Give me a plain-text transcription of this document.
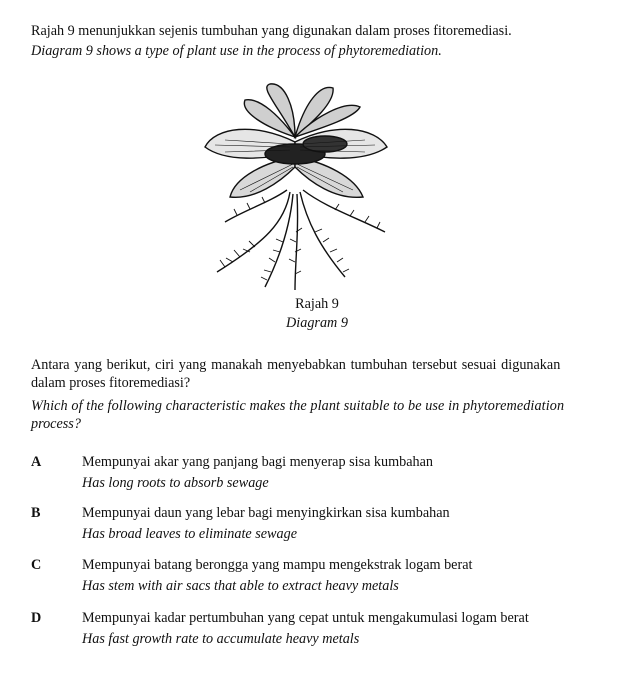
Rajah 9 menunjukkan sejenis tumbuhan yang digunakan dalam proses fitoremediasi.
Diagram 9 shows a type of plant use in the process of phytoremediation.
Rajah 9
Diagram 9
Antara yang berikut, ciri yang manakah menyebabkan tumbuhan tersebut sesuai digunakan
dalam proses fitoremediasi?
Which of the following characteristic makes the plant suitable to be use in phytoremediation
process?
A	Mempunyai akar yang panjang bagi menyerap sisa kumbahan
Has long roots to absorb sewage
B	Mempunyai daun yang lebar bagi menyingkirkan sisa kumbahan
Has broad leaves to eliminate sewage
C	Mempunyai batang berongga yang mampu mengekstrak logam berat
Has stem with air sacs that able to extract heavy metals
D	Mempunyai kadar pertumbuhan yang cepat untuk mengakumulasi logam berat
Has fast growth rate to accumulate heavy metals
